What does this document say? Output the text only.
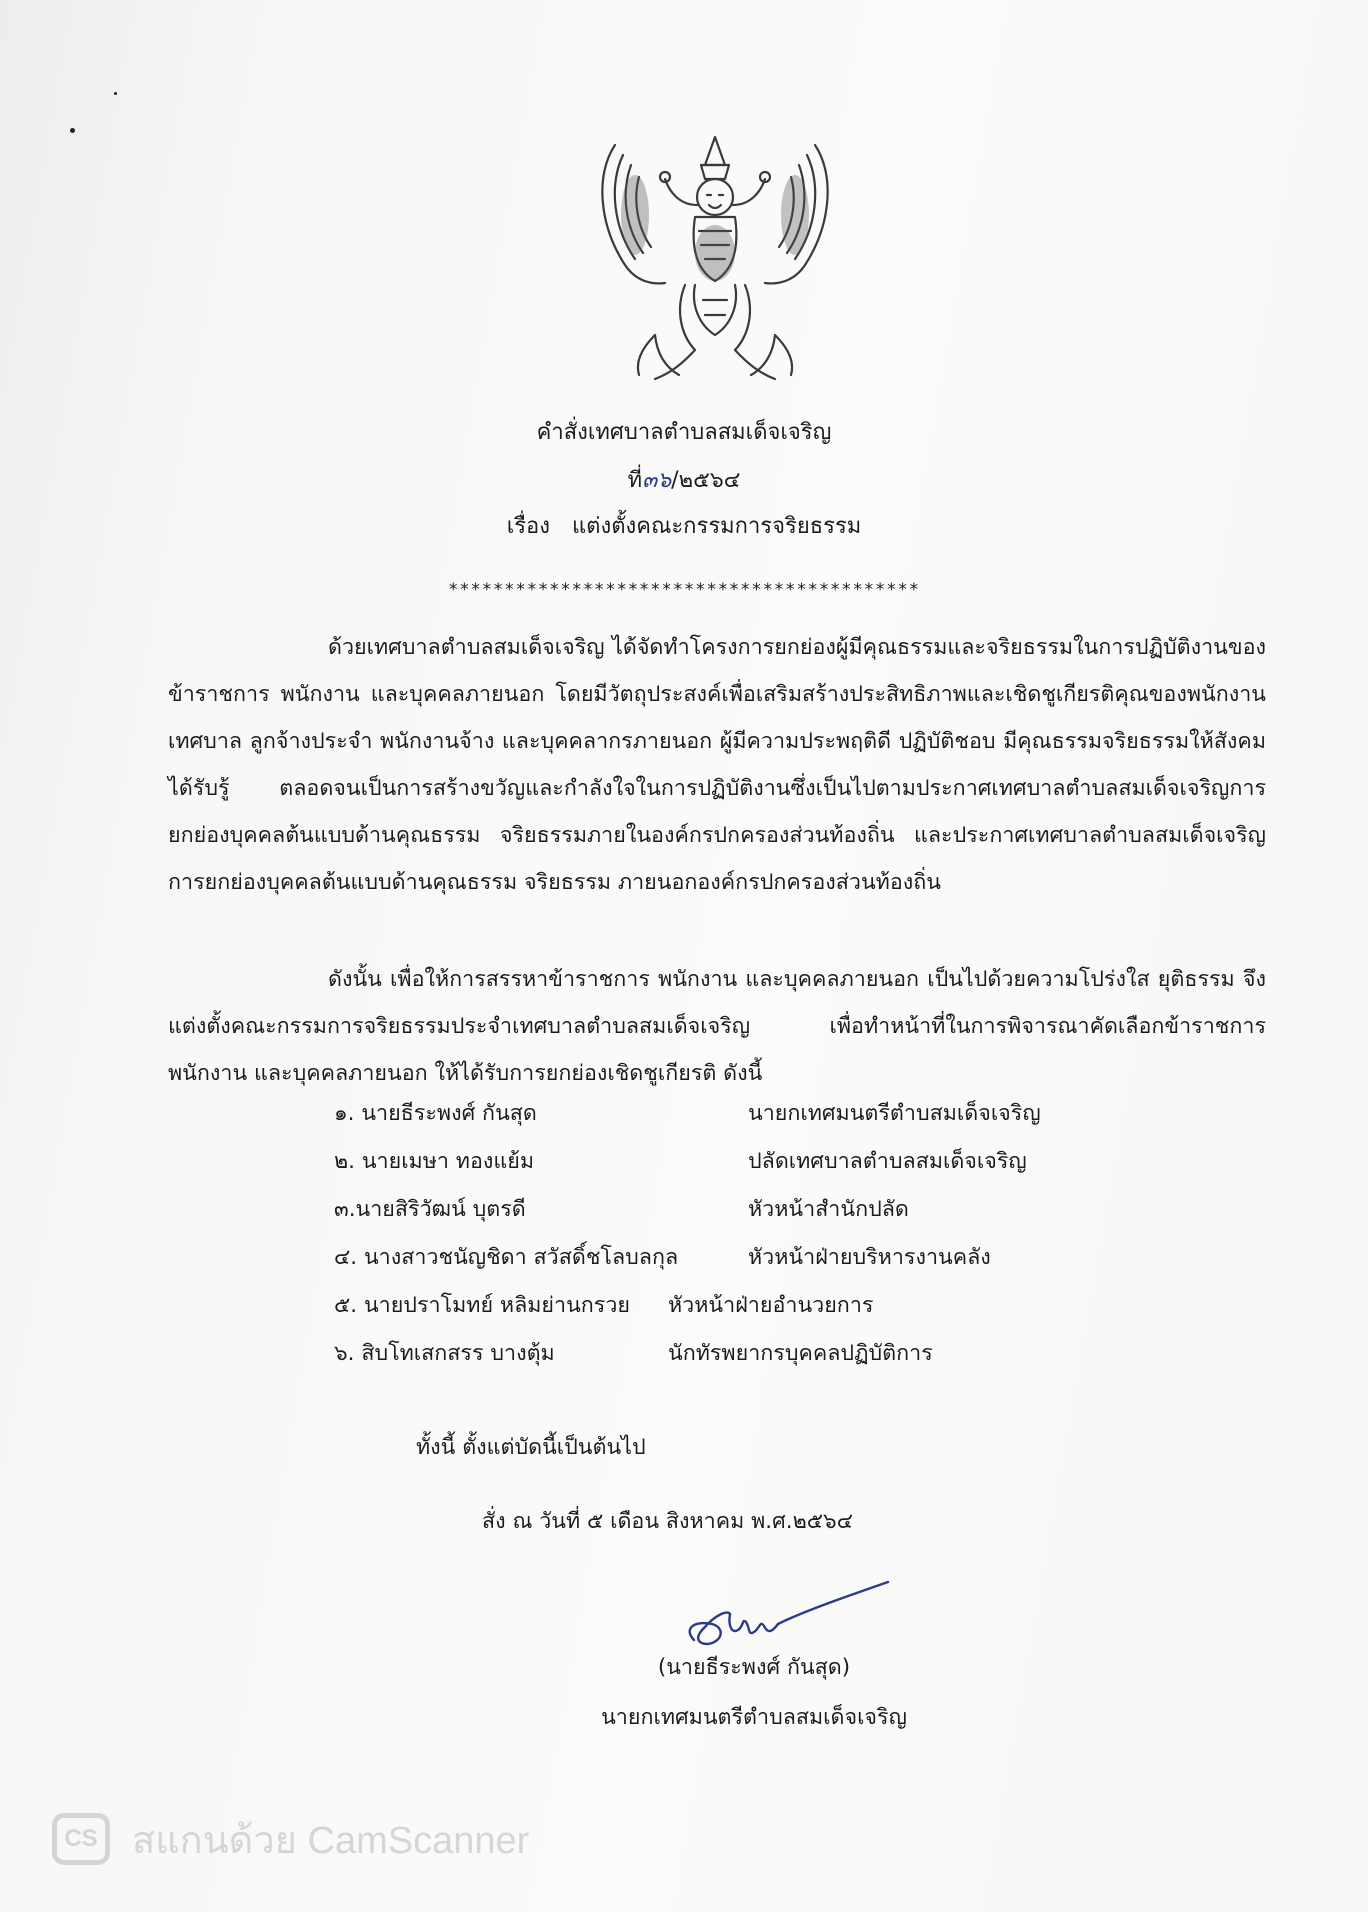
คำสั่งเทศบาลตำบลสมเด็จเจริญ
ที่๓๖/๒๕๖๔
เรื่อง แต่งตั้งคณะกรรมการจริยธรรม
******************************************
ด้วยเทศบาลตำบลสมเด็จเจริญ ได้จัดทำโครงการยกย่องผู้มีคุณธรรมและจริยธรรมในการปฏิบัติงานของข้าราชการ พนักงาน และบุคคลภายนอก โดยมีวัตถุประสงค์เพื่อเสริมสร้างประสิทธิภาพและเชิดชูเกียรติคุณของพนักงานเทศบาล ลูกจ้างประจำ พนักงานจ้าง และบุคคลากรภายนอก ผู้มีความประพฤติดี ปฏิบัติชอบ มีคุณธรรมจริยธรรมให้สังคมได้รับรู้ ตลอดจนเป็นการสร้างขวัญและกำลังใจในการปฏิบัติงานซึ่งเป็นไปตามประกาศเทศบาลตำบลสมเด็จเจริญการยกย่องบุคคลต้นแบบด้านคุณธรรม จริยธรรมภายในองค์กรปกครองส่วนท้องถิ่น และประกาศเทศบาลตำบลสมเด็จเจริญการยกย่องบุคคลต้นแบบด้านคุณธรรม จริยธรรม ภายนอกองค์กรปกครองส่วนท้องถิ่น
ดังนั้น เพื่อให้การสรรหาข้าราชการ พนักงาน และบุคคลภายนอก เป็นไปด้วยความโปร่งใส ยุติธรรม จึงแต่งตั้งคณะกรรมการจริยธรรมประจำเทศบาลตำบลสมเด็จเจริญ เพื่อทำหน้าที่ในการพิจารณาคัดเลือกข้าราชการ พนักงาน และบุคคลภายนอก ให้ได้รับการยกย่องเชิดชูเกียรติ ดังนี้
๑. นายธีระพงศ์ กันสุด	นายกเทศมนตรีตำบสมเด็จเจริญ
๒. นายเมษา ทองแย้ม	ปลัดเทศบาลตำบลสมเด็จเจริญ
๓.นายสิริวัฒน์ บุตรดี	หัวหน้าสำนักปลัด
๔. นางสาวชนัญชิดา สวัสดิ์ชโลบลกุล	หัวหน้าฝ่ายบริหารงานคลัง
๕. นายปราโมทย์ หลิมย่านกรวย หัวหน้าฝ่ายอำนวยการ
๖. สิบโทเสกสรร บางตุ้ม	นักทัรพยากรบุคคลปฏิบัติการ
ทั้งนี้ ตั้งแต่บัดนี้เป็นต้นไป
สั่ง ณ วันที่ ๕ เดือน สิงหาคม พ.ศ.๒๕๖๔
(นายธีระพงศ์ กันสุด)
นายกเทศมนตรีตำบลสมเด็จเจริญ
CS สแกนด้วย CamScanner
